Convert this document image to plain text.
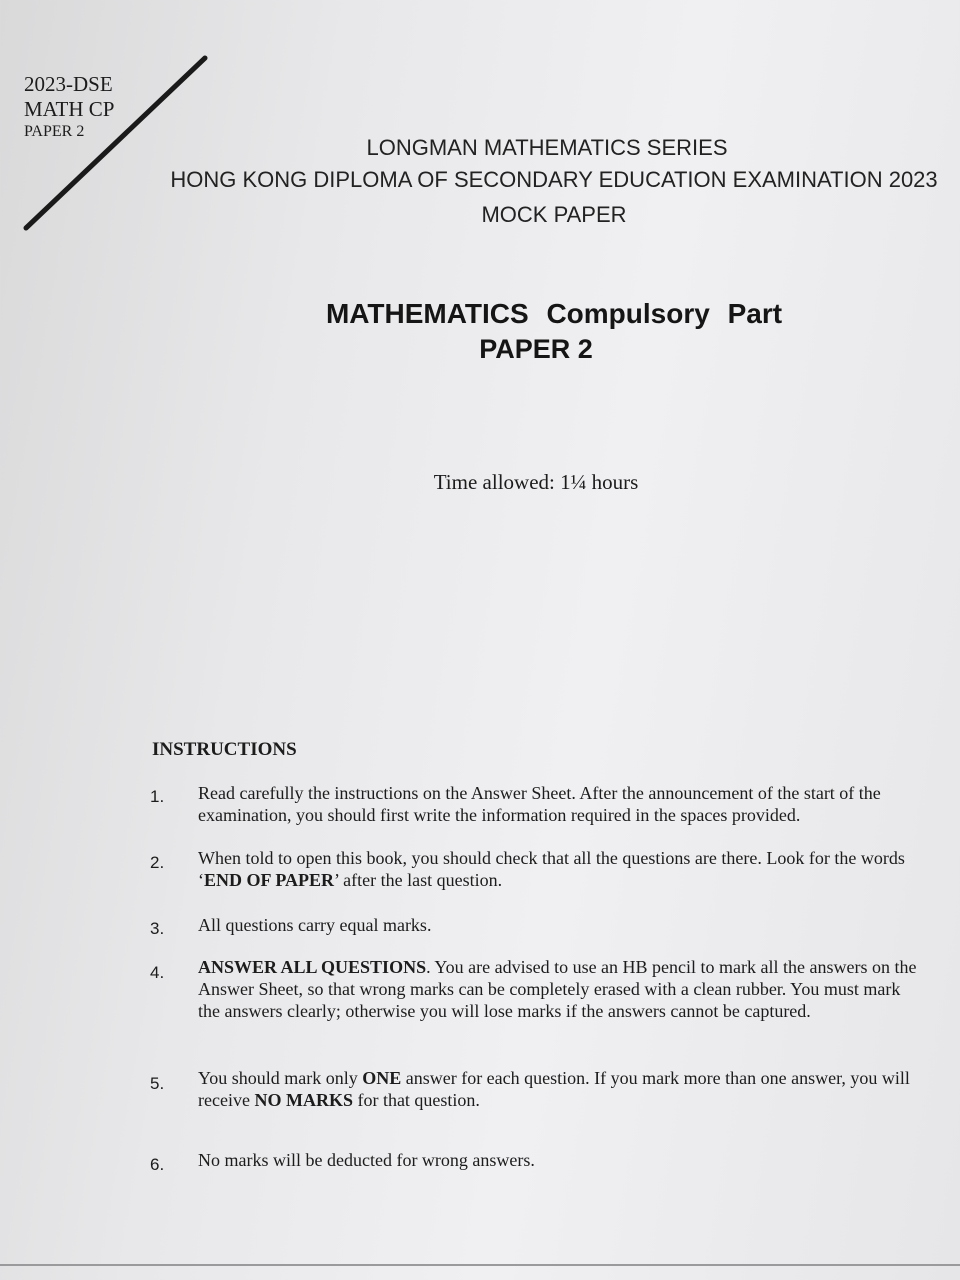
2023-DSE
MATH CP
PAPER 2
LONGMAN MATHEMATICS SERIES
HONG KONG DIPLOMA OF SECONDARY EDUCATION EXAMINATION 2023
MOCK PAPER
MATHEMATICS Compulsory Part
PAPER 2
Time allowed: 1¼ hours
INSTRUCTIONS
1. Read carefully the instructions on the Answer Sheet. After the announcement of the start of the examination, you should first write the information required in the spaces provided.
2. When told to open this book, you should check that all the questions are there. Look for the words ‘END OF PAPER’ after the last question.
3. All questions carry equal marks.
4. ANSWER ALL QUESTIONS. You are advised to use an HB pencil to mark all the answers on the Answer Sheet, so that wrong marks can be completely erased with a clean rubber. You must mark the answers clearly; otherwise you will lose marks if the answers cannot be captured.
5. You should mark only ONE answer for each question. If you mark more than one answer, you will receive NO MARKS for that question.
6. No marks will be deducted for wrong answers.
